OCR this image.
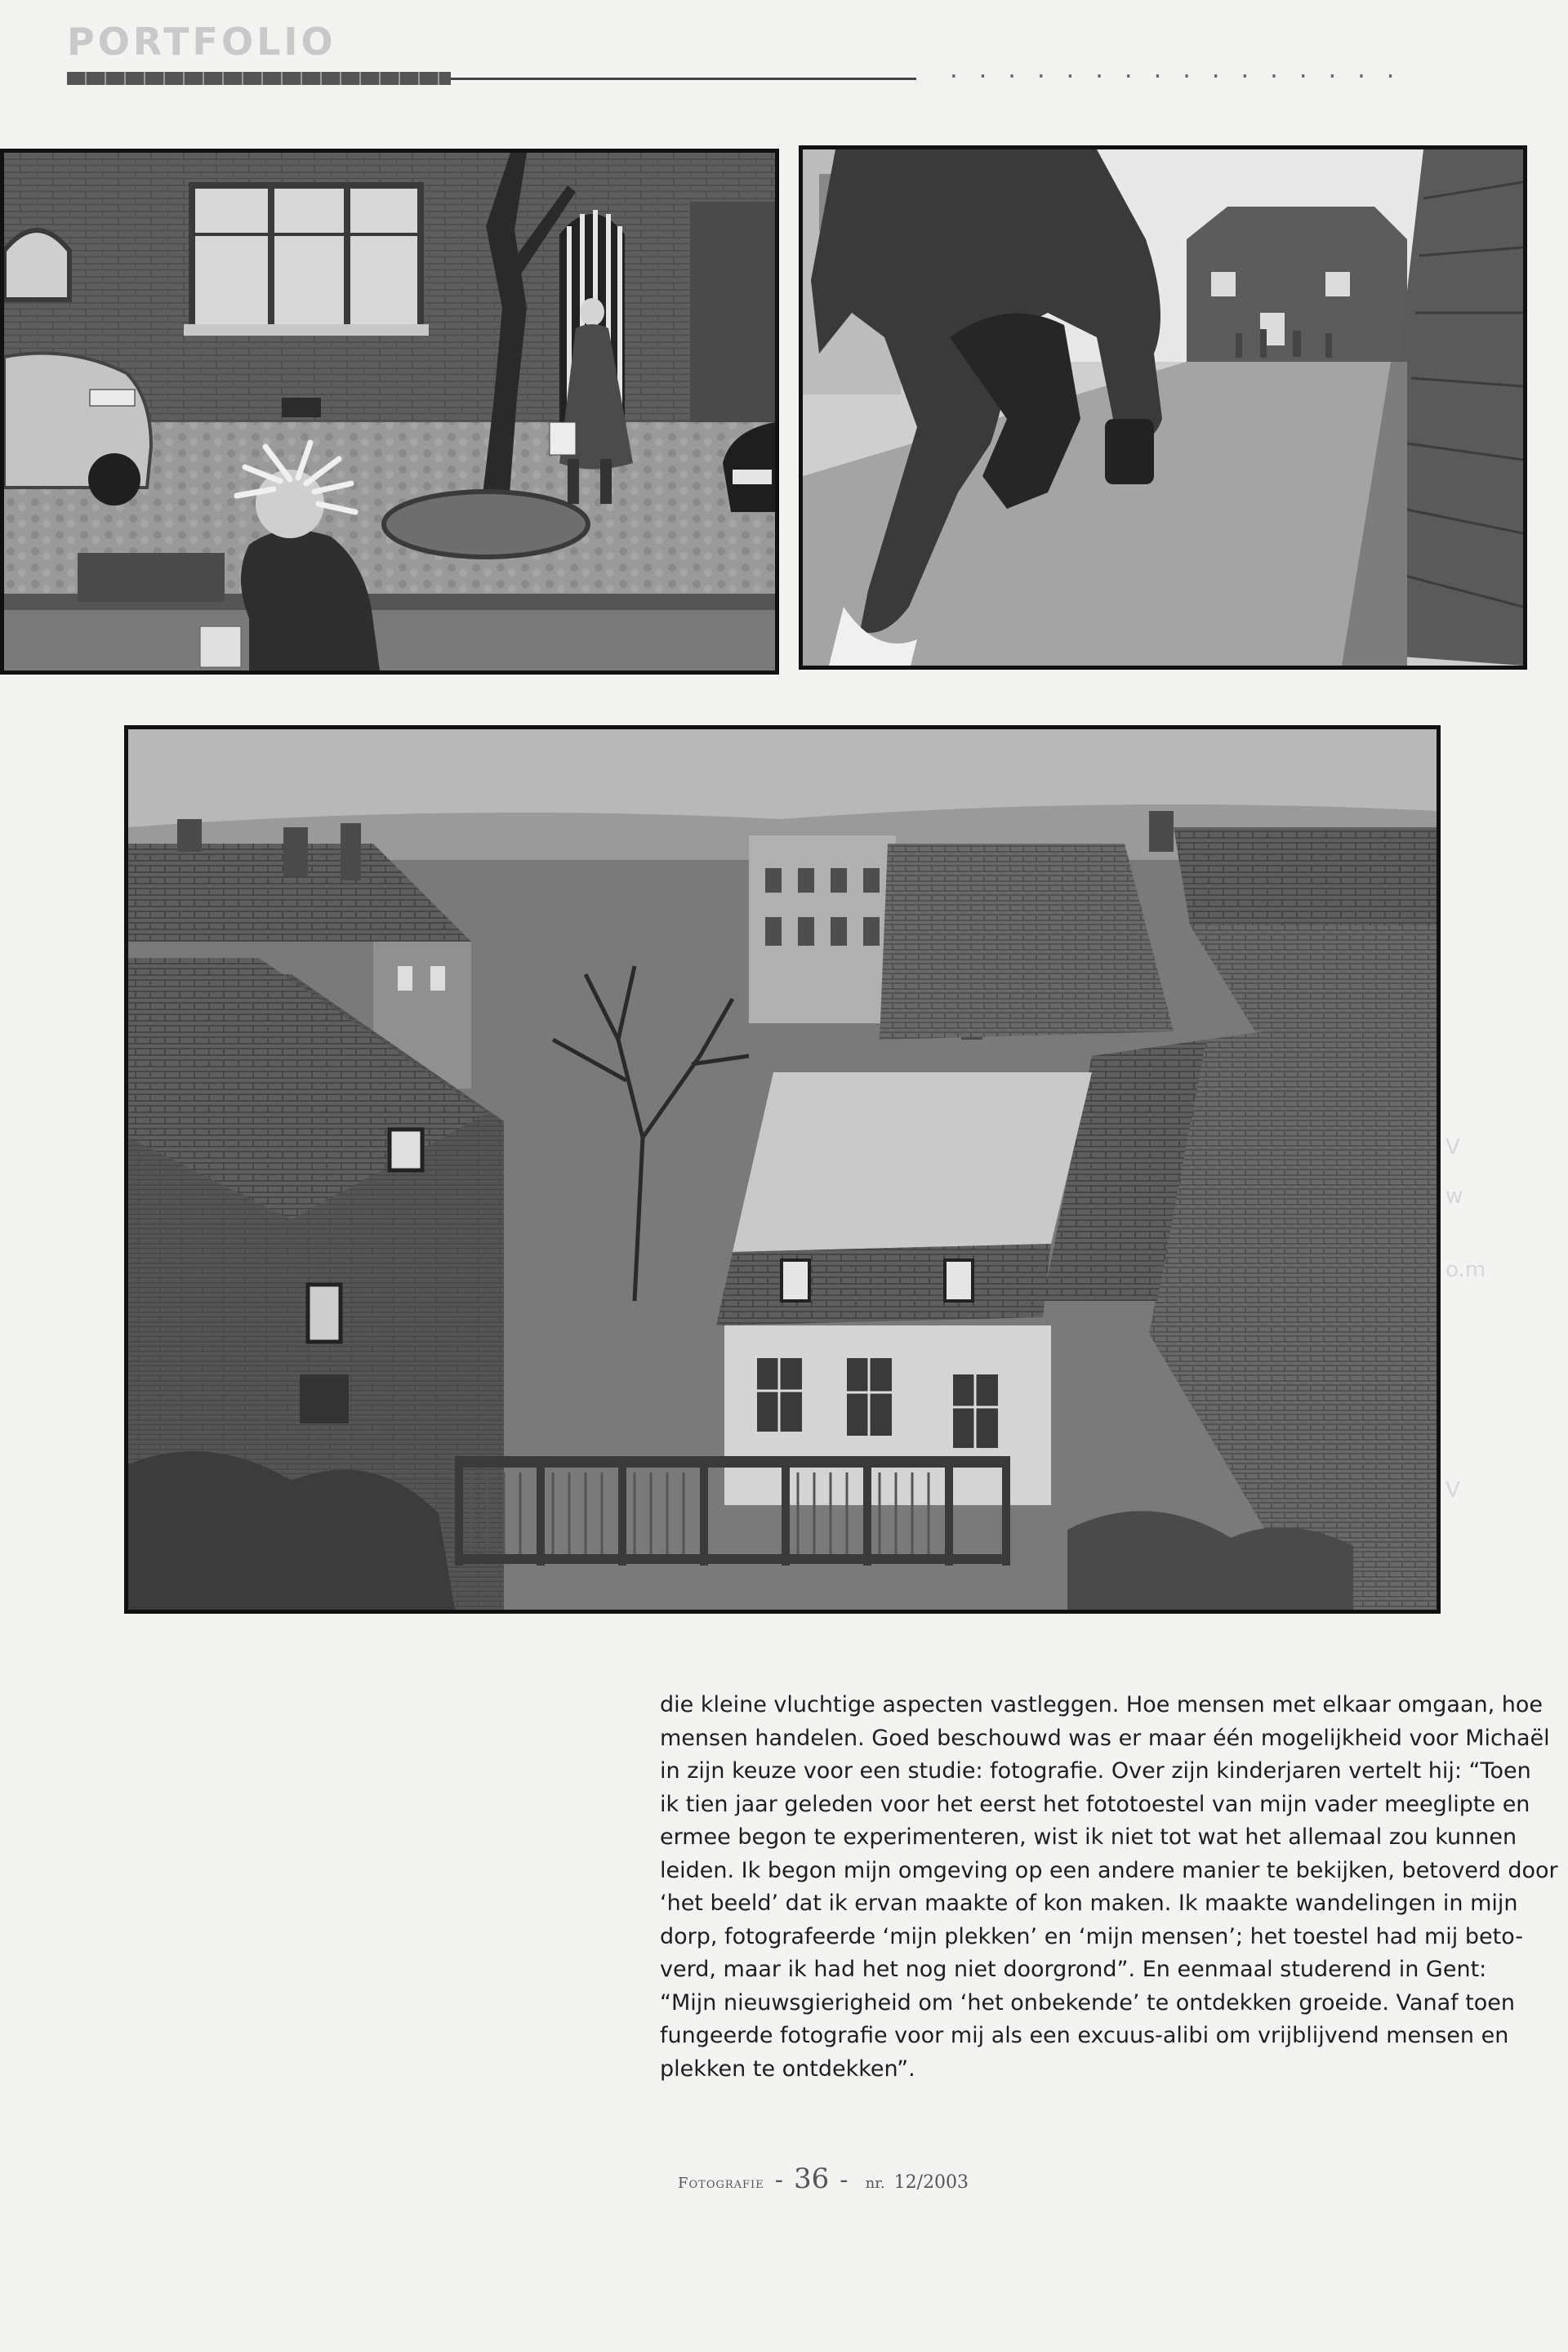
V

w

o.m

V
PORTFOLIO
................
die kleine vluchtige aspecten vastleggen. Hoe mensen met elkaar omgaan, hoe
mensen handelen. Goed beschouwd was er maar één mogelijkheid voor Michaël
in zijn keuze voor een studie: fotografie. Over zijn kinderjaren vertelt hij: “Toen
ik tien jaar geleden voor het eerst het fototoestel van mijn vader meeglipte en
ermee begon te experimenteren, wist ik niet tot wat het allemaal zou kunnen
leiden. Ik begon mijn omgeving op een andere manier te bekijken, betoverd door
‘het beeld’ dat ik ervan maakte of kon maken. Ik maakte wandelingen in mijn
dorp, fotografeerde ‘mijn plekken’ en ‘mijn mensen’; het toestel had mij beto-
verd, maar ik had het nog niet doorgrond”. En eenmaal studerend in Gent:
“Mijn nieuwsgierigheid om ‘het onbekende’ te ontdekken groeide. Vanaf toen
fungeerde fotografie voor mij als een excuus-alibi om vrijblijvend mensen en
plekken te ontdekken”.
Fotografie - 36 - nr. 12/2003
